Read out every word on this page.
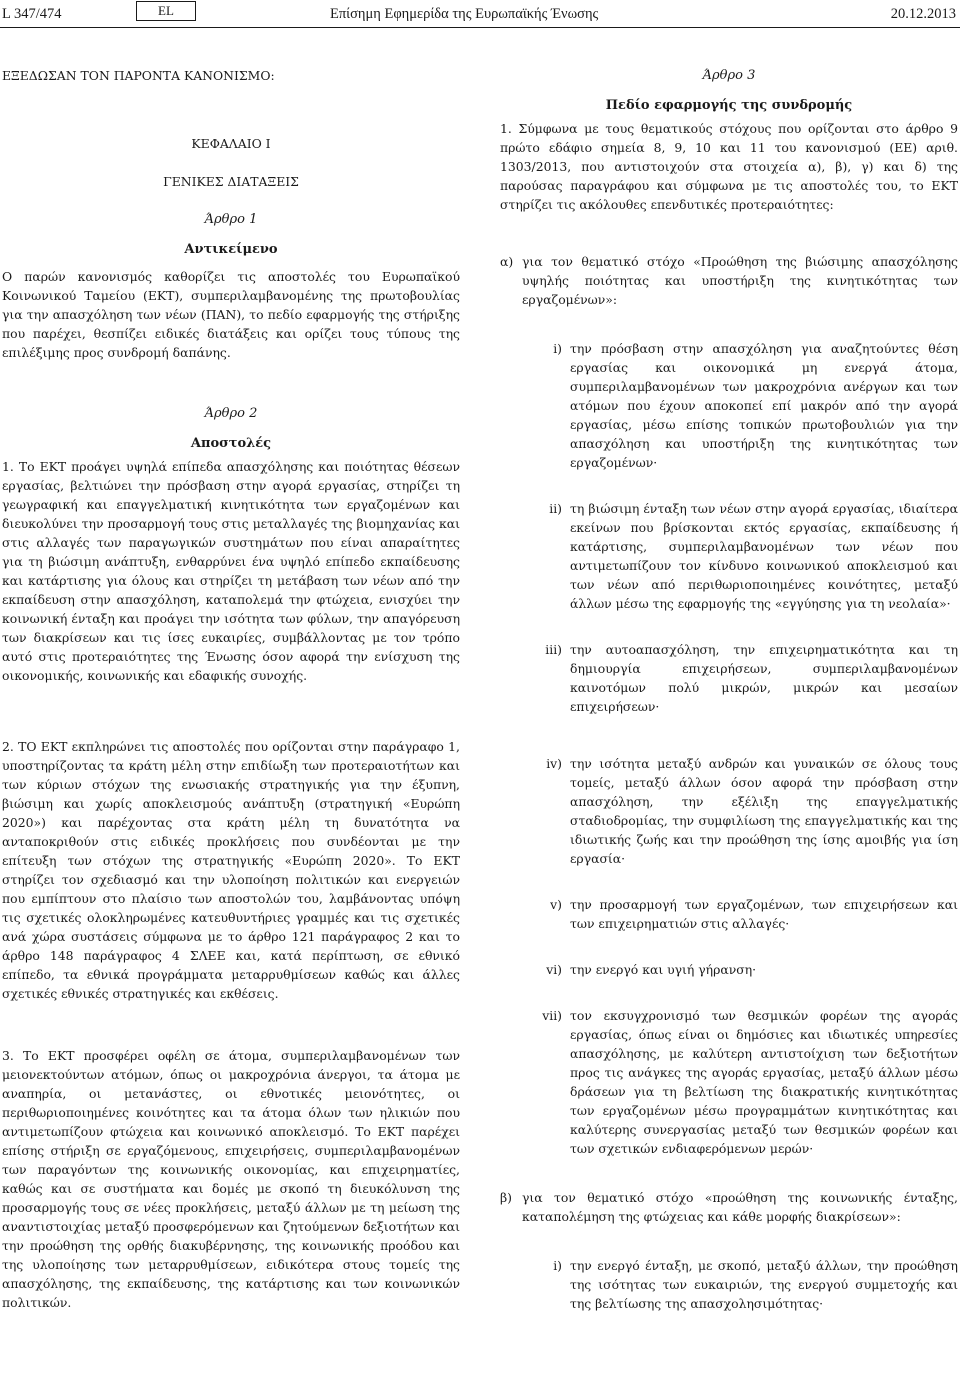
L 347/474	EL	Επίσημη Εφημερίδα της Ευρωπαϊκής Ένωσης	20.12.2013

ΕΞΕΔΩΣΑΝ ΤΟΝ ΠΑΡΟΝΤΑ ΚΑΝΟΝΙΣΜΟ:

ΚΕΦΑΛΑΙΟ I

ΓΕΝΙΚΕΣ ΔΙΑΤΑΞΕΙΣ

Άρθρο 1

Αντικείμενο

Ο παρών κανονισμός καθορίζει τις αποστολές του Ευρωπαϊκού Κοινωνικού Ταμείου (ΕΚΤ), συμπεριλαμβανομένης της πρωτοβουλίας για την απασχόληση των νέων (ΠΑΝ), το πεδίο εφαρμογής της στήριξης που παρέχει, θεσπίζει ειδικές διατάξεις και ορίζει τους τύπους της επιλέξιμης προς συνδρομή δαπάνης.

Άρθρο 2

Αποστολές

1. Το ΕΚΤ προάγει υψηλά επίπεδα απασχόλησης και ποιότητας θέσεων εργασίας, βελτιώνει την πρόσβαση στην αγορά εργασίας, στηρίζει τη γεωγραφική και επαγγελματική κινητικότητα των εργαζομένων και διευκολύνει την προσαρμογή τους στις μεταλλαγές της βιομηχανίας και στις αλλαγές των παραγωγικών συστημάτων που είναι απαραίτητες για τη βιώσιμη ανάπτυξη, ενθαρρύνει ένα υψηλό επίπεδο εκπαίδευσης και κατάρτισης για όλους και στηρίζει τη μετάβαση των νέων από την εκπαίδευση στην απασχόληση, καταπολεμά την φτώχεια, ενισχύει την κοινωνική ένταξη και προάγει την ισότητα των φύλων, την απαγόρευση των διακρίσεων και τις ίσες ευκαιρίες, συμβάλλοντας με τον τρόπο αυτό στις προτεραιότητες της Ένωσης όσον αφορά την ενίσχυση της οικονομικής, κοινωνικής και εδαφικής συνοχής.

2. ΤΟ ΕΚΤ εκπληρώνει τις αποστολές που ορίζονται στην παράγραφο 1, υποστηρίζοντας τα κράτη μέλη στην επιδίωξη των προτεραιοτήτων και των κύριων στόχων της ενωσιακής στρατηγικής για την έξυπνη, βιώσιμη και χωρίς αποκλεισμούς ανάπτυξη (στρατηγική «Ευρώπη 2020») και παρέχοντας στα κράτη μέλη τη δυνατότητα να ανταποκριθούν στις ειδικές προκλήσεις που συνδέονται με την επίτευξη των στόχων της στρατηγικής «Ευρώπη 2020». Το ΕΚΤ στηρίζει τον σχεδιασμό και την υλοποίηση πολιτικών και ενεργειών που εμπίπτουν στο πλαίσιο των αποστολών του, λαμβάνοντας υπόψη τις σχετικές ολοκληρωμένες κατευθυντήριες γραμμές και τις σχετικές ανά χώρα συστάσεις σύμφωνα με το άρθρο 121 παράγραφος 2 και το άρθρο 148 παράγραφος 4 ΣΛΕΕ και, κατά περίπτωση, σε εθνικό επίπεδο, τα εθνικά προγράμματα μεταρρυθμίσεων καθώς και άλλες σχετικές εθνικές στρατηγικές και εκθέσεις.

3. Το ΕΚΤ προσφέρει οφέλη σε άτομα, συμπεριλαμβανομένων των μειονεκτούντων ατόμων, όπως οι μακροχρόνια άνεργοι, τα άτομα με αναπηρία, οι μετανάστες, οι εθνοτικές μειονότητες, οι περιθωριοποιημένες κοινότητες και τα άτομα όλων των ηλικιών που αντιμετωπίζουν φτώχεια και κοινωνικό αποκλεισμό. Το ΕΚΤ παρέχει επίσης στήριξη σε εργαζόμενους, επιχειρήσεις, συμπεριλαμβανομένων των παραγόντων της κοινωνικής οικονομίας, και επιχειρηματίες, καθώς και σε συστήματα και δομές με σκοπό τη διευκόλυνση της προσαρμογής τους σε νέες προκλήσεις, μεταξύ άλλων με τη μείωση της αναντιστοιχίας μεταξύ προσφερόμενων και ζητούμενων δεξιοτήτων και την προώθηση της ορθής διακυβέρνησης, της κοινωνικής προόδου και της υλοποίησης των μεταρρυθμίσεων, ειδικότερα στους τομείς της απασχόλησης, της εκπαίδευσης, της κατάρτισης και των κοινωνικών πολιτικών.

Άρθρο 3

Πεδίο εφαρμογής της συνδρομής

1. Σύμφωνα με τους θεματικούς στόχους που ορίζονται στο άρθρο 9 πρώτο εδάφιο σημεία 8, 9, 10 και 11 του κανονισμού (ΕΕ) αριθ. 1303/2013, που αντιστοιχούν στα στοιχεία α), β), γ) και δ) της παρούσας παραγράφου και σύμφωνα με τις αποστολές του, το ΕΚΤ στηρίζει τις ακόλουθες επενδυτικές προτεραιότητες:

α) για τον θεματικό στόχο «Προώθηση της βιώσιμης απασχόλησης υψηλής ποιότητας και υποστήριξη της κινητικότητας των εργαζομένων»:
i) την πρόσβαση στην απασχόληση για αναζητούντες θέση εργασίας και οικονομικά μη ενεργά άτομα, συμπεριλαμβανομένων των μακροχρόνια ανέργων και των ατόμων που έχουν αποκοπεί επί μακρόν από την αγορά εργασίας, μέσω επίσης τοπικών πρωτοβουλιών για την απασχόληση και υποστήριξη της κινητικότητας των εργαζομένων·
ii) τη βιώσιμη ένταξη των νέων στην αγορά εργασίας, ιδιαίτερα εκείνων που βρίσκονται εκτός εργασίας, εκπαίδευσης ή κατάρτισης, συμπεριλαμβανομένων των νέων που αντιμετωπίζουν τον κίνδυνο κοινωνικού αποκλεισμού και των νέων από περιθωριοποιημένες κοινότητες, μεταξύ άλλων μέσω της εφαρμογής της «εγγύησης για τη νεολαία»·
iii) την αυτοαπασχόληση, την επιχειρηματικότητα και τη δημιουργία επιχειρήσεων, συμπεριλαμβανομένων καινοτόμων πολύ μικρών, μικρών και μεσαίων επιχειρήσεων·
iv) την ισότητα μεταξύ ανδρών και γυναικών σε όλους τους τομείς, μεταξύ άλλων όσον αφορά την πρόσβαση στην απασχόληση, την εξέλιξη της επαγγελματικής σταδιοδρομίας, την συμφιλίωση της επαγγελματικής και της ιδιωτικής ζωής και την προώθηση της ίσης αμοιβής για ίση εργασία·
v) την προσαρμογή των εργαζομένων, των επιχειρήσεων και των επιχειρηματιών στις αλλαγές·
vi) την ενεργό και υγιή γήρανση·
vii) τον εκσυγχρονισμό των θεσμικών φορέων της αγοράς εργασίας, όπως είναι οι δημόσιες και ιδιωτικές υπηρεσίες απασχόλησης, με καλύτερη αντιστοίχιση των δεξιοτήτων προς τις ανάγκες της αγοράς εργασίας, μεταξύ άλλων μέσω δράσεων για τη βελτίωση της διακρατικής κινητικότητας των εργαζομένων μέσω προγραμμάτων κινητικότητας και καλύτερης συνεργασίας μεταξύ των θεσμικών φορέων και των σχετικών ενδιαφερόμενων μερών·
β) για τον θεματικό στόχο «προώθηση της κοινωνικής ένταξης, καταπολέμηση της φτώχειας και κάθε μορφής διακρίσεων»:
i) την ενεργό ένταξη, με σκοπό, μεταξύ άλλων, την προώθηση της ισότητας των ευκαιριών, της ενεργού συμμετοχής και της βελτίωσης της απασχολησιμότητας·
